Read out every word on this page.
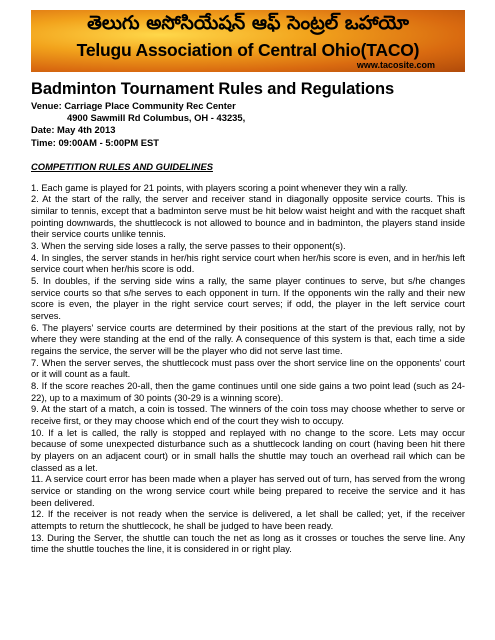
తెలుగు అసోసియేషన్ ఆఫ్ సెంట్రల్ ఒహాయో
Telugu Association of Central Ohio(TACO)
www.tacosite.com
Badminton Tournament Rules and Regulations
Venue: Carriage Place Community Rec Center
4900 Sawmill Rd Columbus, OH - 43235,
Date: May 4th 2013
Time: 09:00AM - 5:00PM EST
COMPETITION RULES AND GUIDELINES

1. Each game is played for 21 points, with players scoring a point whenever they win a rally.

2. At the start of the rally, the server and receiver stand in diagonally opposite service courts. This is similar to tennis, except that a badminton serve must be hit below waist height and with the racquet shaft pointing downwards, the shuttlecock is not allowed to bounce and in badminton, the players stand inside their service courts unlike tennis.

3. When the serving side loses a rally, the serve passes to their opponent(s).

4. In singles, the server stands in her/his right service court when her/his score is even, and in her/his left service court when her/his score is odd.

5. In doubles, if the serving side wins a rally, the same player continues to serve, but s/he changes service courts so that s/he serves to each opponent in turn. If the opponents win the rally and their new score is even, the player in the right service court serves; if odd, the player in the left service court serves.

6. The players' service courts are determined by their positions at the start of the previous rally, not by where they were standing at the end of the rally. A consequence of this system is that, each time a side regains the service, the server will be the player who did not serve last time.

7. When the server serves, the shuttlecock must pass over the short service line on the opponents' court or it will count as a fault.

8. If the score reaches 20-all, then the game continues until one side gains a two point lead (such as 24-22), up to a maximum of 30 points (30-29 is a winning score).

9. At the start of a match, a coin is tossed. The winners of the coin toss may choose whether to serve or receive first, or they may choose which end of the court they wish to occupy.

10. If a let is called, the rally is stopped and replayed with no change to the score. Lets may occur because of some unexpected disturbance such as a shuttlecock landing on court (having been hit there by players on an adjacent court) or in small halls the shuttle may touch an overhead rail which can be classed as a let.

11. A service court error has been made when a player has served out of turn, has served from the wrong service or standing on the wrong service court while being prepared to receive the service and it has been delivered.

12. If the receiver is not ready when the service is delivered, a let shall be called; yet, if the receiver attempts to return the shuttlecock, he shall be judged to have been ready.

13. During the Server, the shuttle can touch the net as long as it crosses or touches the serve line. Any time the shuttle touches the line, it is considered in or right play.
